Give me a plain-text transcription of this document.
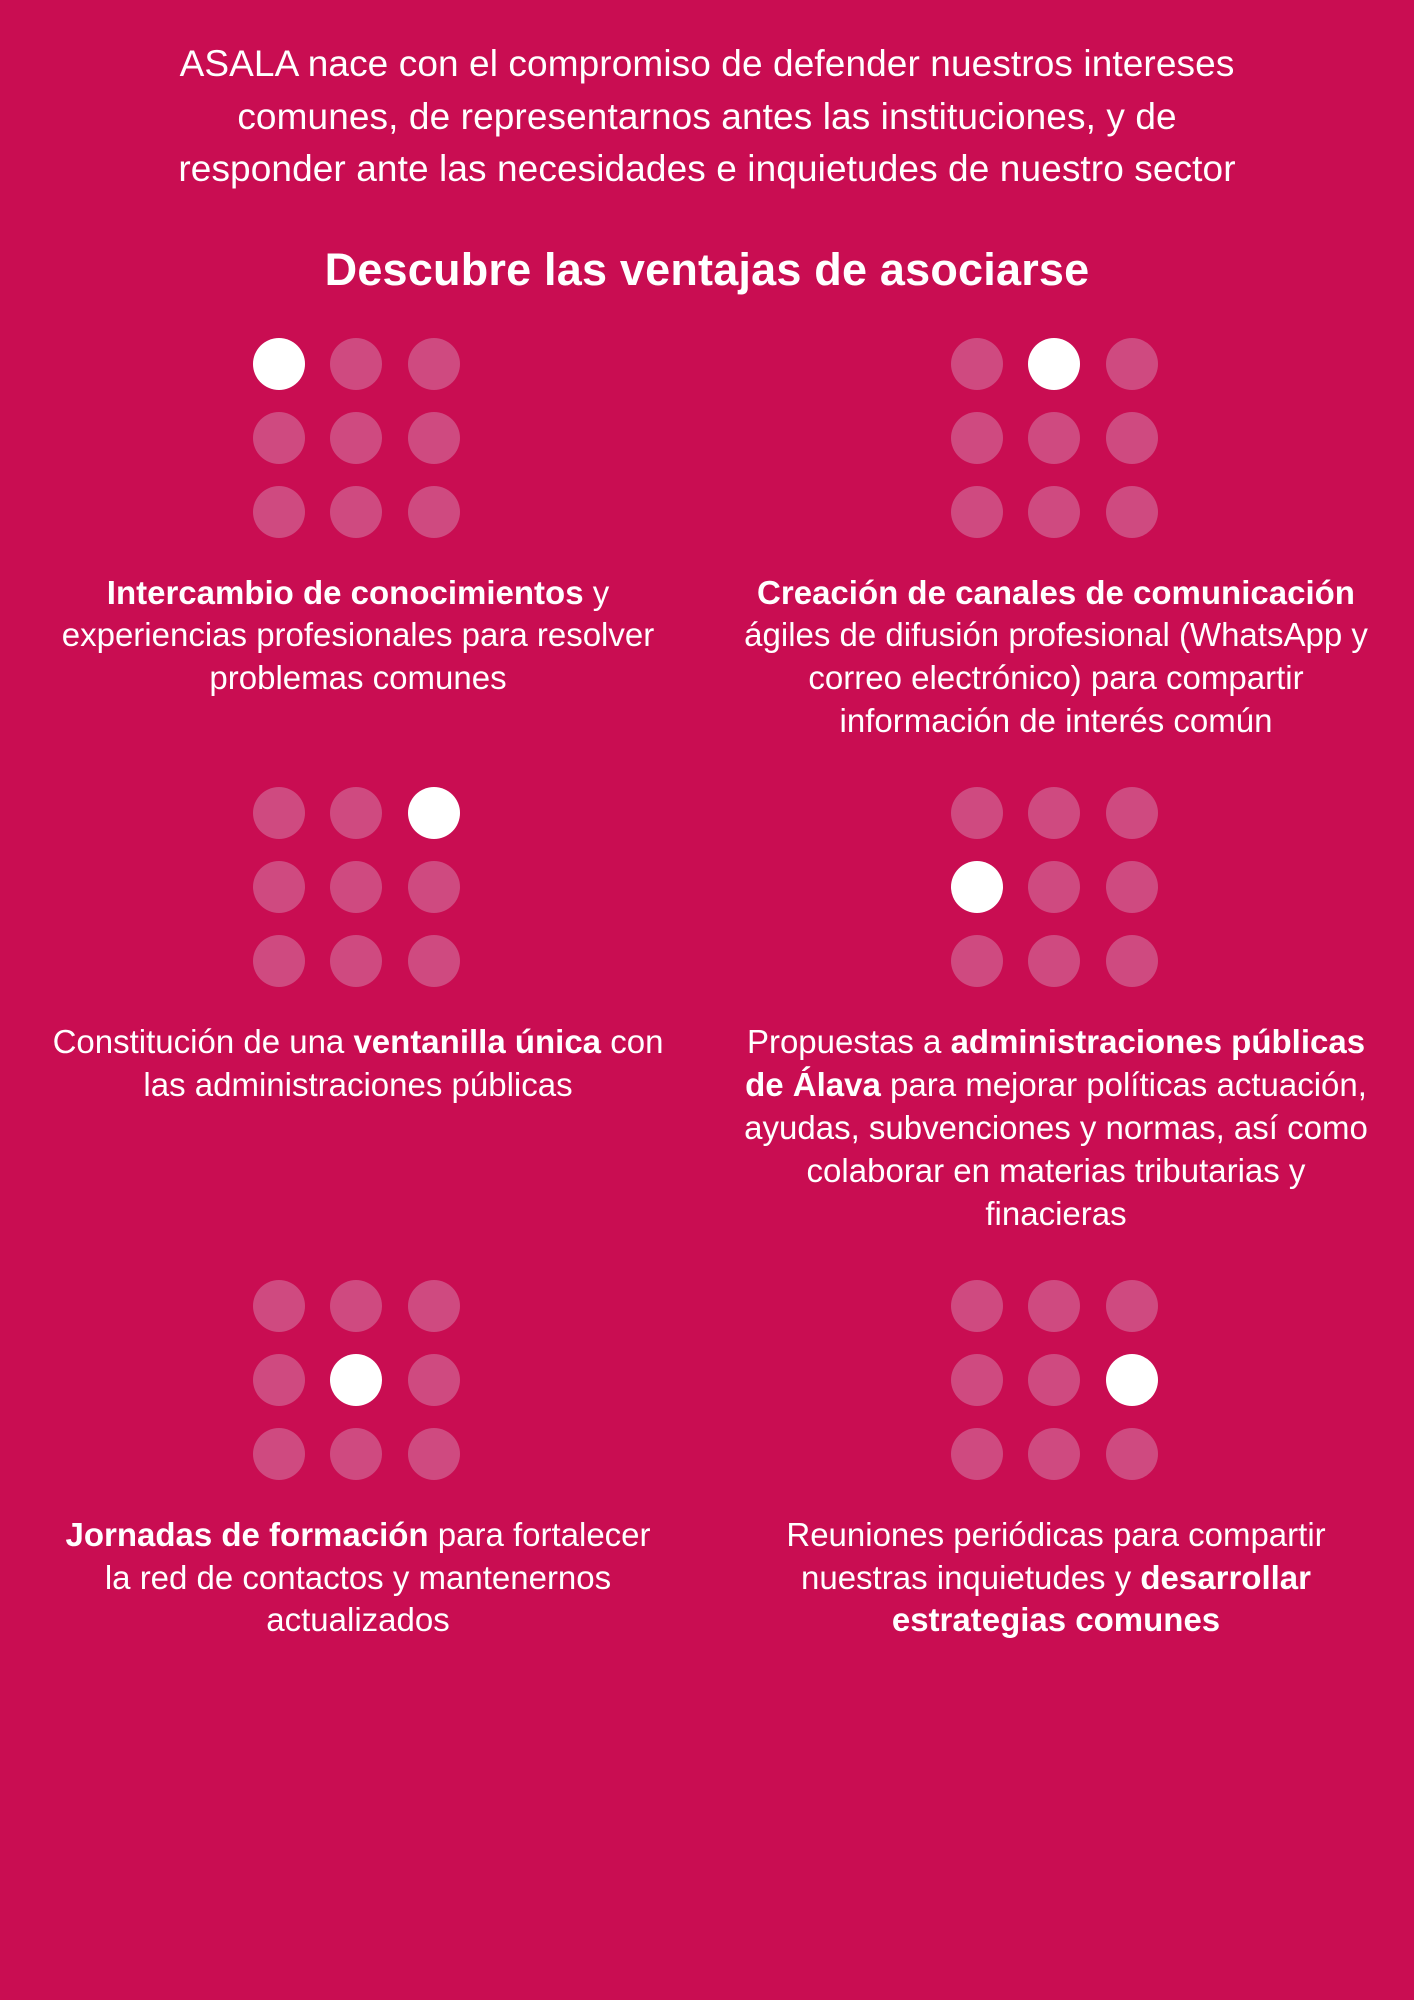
ASALA nace con el compromiso de defender nuestros intereses comunes, de representarnos antes las instituciones, y de responder ante las necesidades e inquietudes de nuestro sector

Descubre las ventajas de asociarse
Intercambio de conocimientos y experiencias profesionales para resolver problemas comunes
Creación de canales de comunicación ágiles de difusión profesional (WhatsApp y correo electrónico) para compartir información de interés común
Constitución de una ventanilla única con las administraciones públicas
Propuestas a administraciones públicas de Álava para mejorar políticas actuación, ayudas, subvenciones y normas, así como colaborar en materias tributarias y finacieras
Jornadas de formación para fortalecer la red de contactos y mantenernos actualizados
Reuniones periódicas para compartir nuestras inquietudes y desarrollar estrategias comunes
